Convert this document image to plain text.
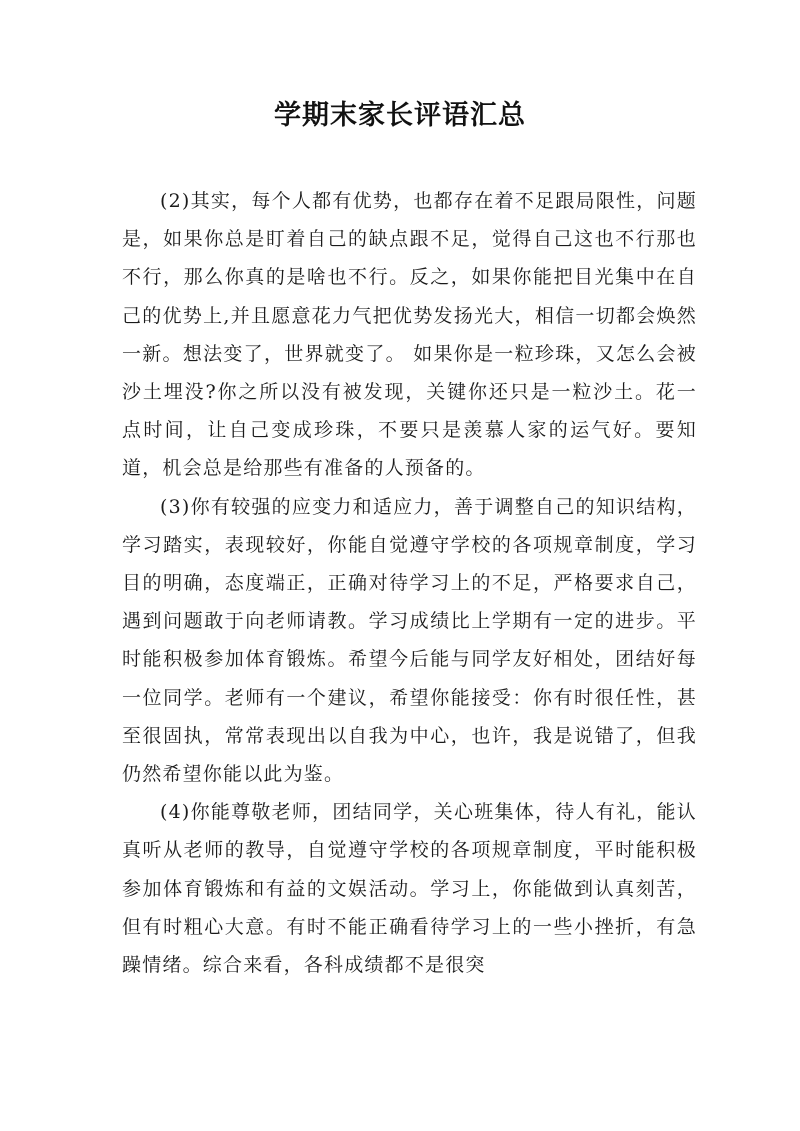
学期末家长评语汇总

(2)其实，每个人都有优势，也都存在着不足跟局限性，问题是，如果你总是盯着自己的缺点跟不足，觉得自己这也不行那也不行，那么你真的是啥也不行。反之，如果你能把目光集中在自己的优势上,并且愿意花力气把优势发扬光大，相信一切都会焕然一新。想法变了，世界就变了。 如果你是一粒珍珠，又怎么会被沙土埋没?你之所以没有被发现，关键你还只是一粒沙土。花一点时间，让自己变成珍珠，不要只是羡慕人家的运气好。要知道，机会总是给那些有准备的人预备的。

(3)你有较强的应变力和适应力，善于调整自己的知识结构，学习踏实，表现较好，你能自觉遵守学校的各项规章制度，学习目的明确，态度端正，正确对待学习上的不足，严格要求自己，遇到问题敢于向老师请教。学习成绩比上学期有一定的进步。平时能积极参加体育锻炼。希望今后能与同学友好相处，团结好每一位同学。老师有一个建议，希望你能接受：你有时很任性，甚至很固执，常常表现出以自我为中心，也许，我是说错了，但我仍然希望你能以此为鉴。

(4)你能尊敬老师，团结同学，关心班集体，待人有礼，能认真听从老师的教导，自觉遵守学校的各项规章制度，平时能积极参加体育锻炼和有益的文娱活动。学习上，你能做到认真刻苦，但有时粗心大意。有时不能正确看待学习上的一些小挫折，有急躁情绪。综合来看，各科成绩都不是很突
